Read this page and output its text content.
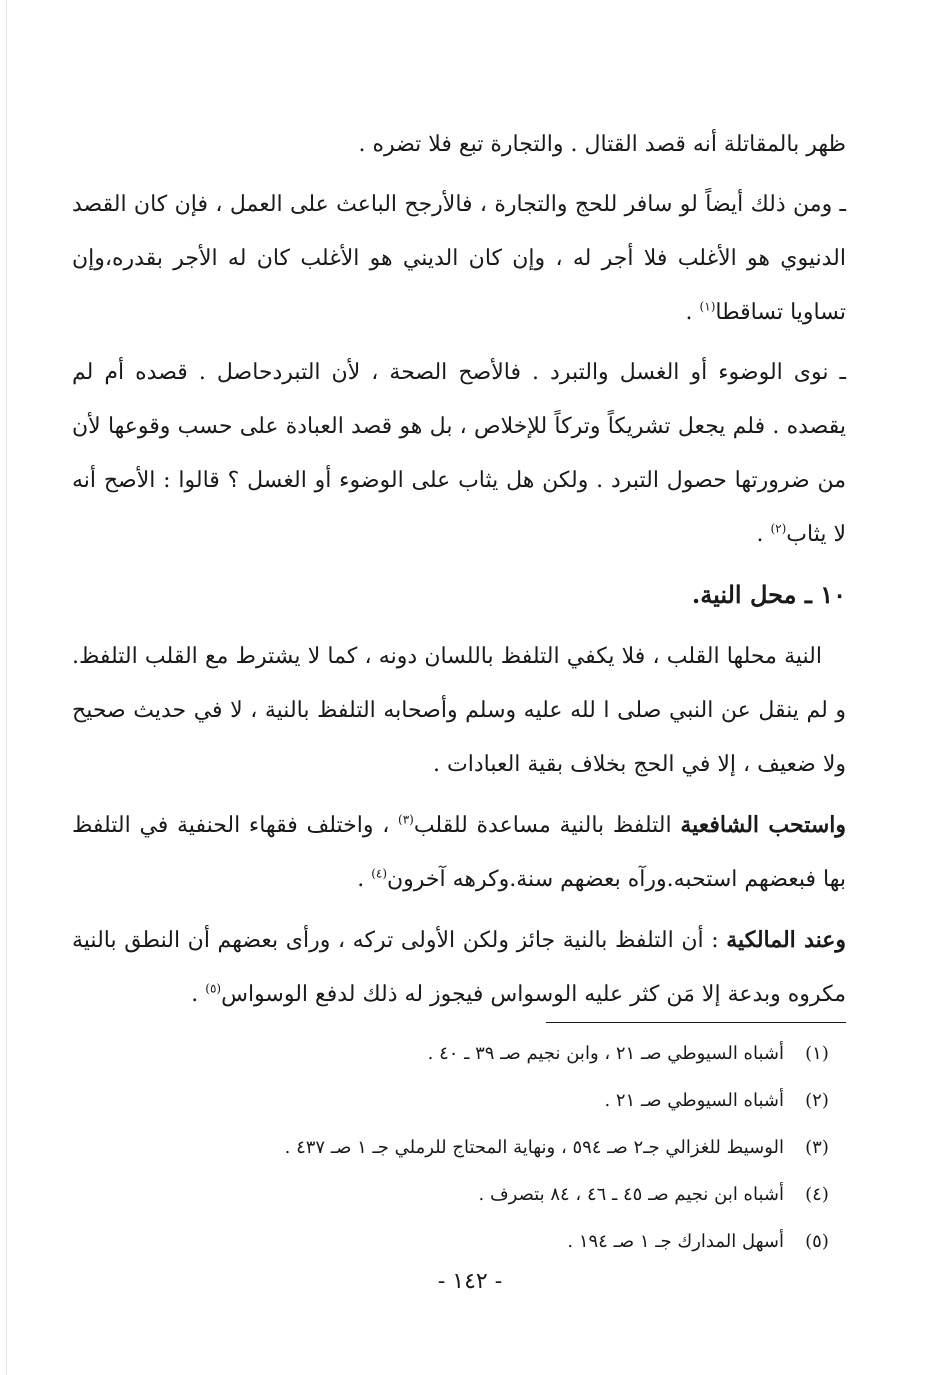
ظهر بالمقاتلة أنه قصد القتال . والتجارة تبع فلا تضره .

ـ ومن ذلك أيضاً لو سافر للحج والتجارة ، فالأرجح الباعث على العمل ، فإن كان القصد الدنيوي هو الأغلب فلا أجر له ، وإن كان الديني هو الأغلب كان له الأجر بقدره،وإن تساويا تساقطا$^{(١)}$ .

ـ نوى الوضوء أو الغسل والتبرد . فالأصح الصحة ، لأن التبردحاصل . قصده أم لم يقصده . فلم يجعل تشريكاً وتركاً للإخلاص ، بل هو قصد العبادة على حسب وقوعها لأن من ضرورتها حصول التبرد . ولكن هل يثاب على الوضوء أو الغسل ؟ قالوا : الأصح أنه لا يثاب$^{(٢)}$ .

١٠ ـ محل النية.

النية محلها القلب ، فلا يكفي التلفظ باللسان دونه ، كما لا يشترط مع القلب التلفظ. و لم ينقل عن النبي صلى ا لله عليه وسلم وأصحابه التلفظ بالنية ، لا في حديث صحيح ولا ضعيف ، إلا في الحج بخلاف بقية العبادات .

واستحب الشافعية التلفظ بالنية مساعدة للقلب$^{(٣)}$ ، واختلف فقهاء الحنفية في التلفظ بها فبعضهم استحبه.ورآه بعضهم سنة.وكرهه آخرون$^{(٤)}$ .

وعند المالكية : أن التلفظ بالنية جائز ولكن الأولى تركه ، ورأى بعضهم أن النطق بالنية مكروه وبدعة إلا مَن كثر عليه الوسواس فيجوز له ذلك لدفع الوسواس$^{(٥)}$ .

(١)أشباه السيوطي صـ ٢١ ، وابن نجيم صـ ٣٩ ـ ٤٠ .
(٢)أشباه السيوطي صـ ٢١ .
(٣)الوسيط للغزالي جـ٢ صـ ٥٩٤ ، ونهاية المحتاج للرملي جـ ١ صـ ٤٣٧ .
(٤)أشباه ابن نجيم صـ ٤٥ ـ ٤٦ ، ٨٤ بتصرف .
(٥)أسهل المدارك جـ ١ صـ ١٩٤ .
- ١٤٢ -
